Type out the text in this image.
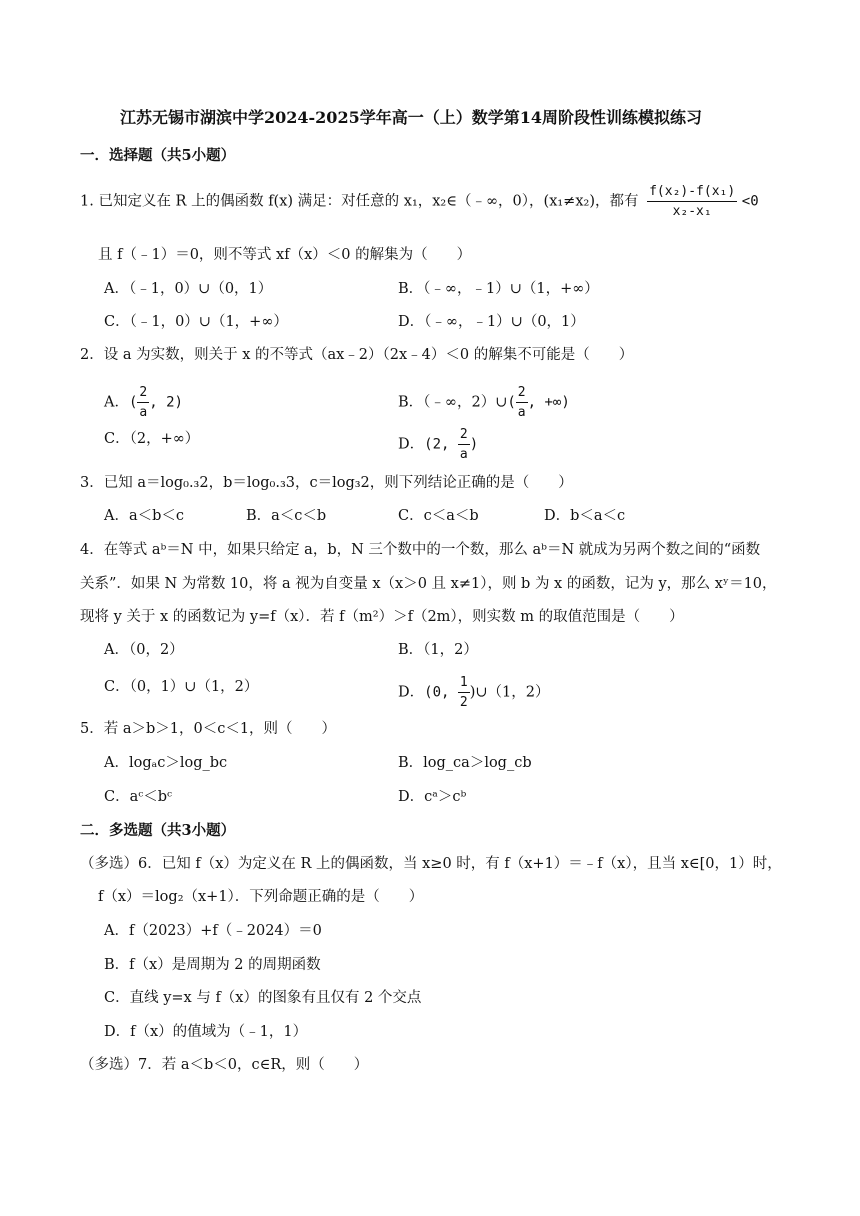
江苏无锡市湖滨中学2024-2025学年高一（上）数学第14周阶段性训练模拟练习
一．选择题（共5小题）
1. 已知定义在 R 上的偶函数 f(x) 满足：对任意的 x₁，x₂∈（﹣∞，0），(x₁≠x₂)，都有 $\frac{\text{f(x₂)-f(x₁)}}{\text{x₂-x₁}} <0$
且 f（﹣1）＝0，则不等式 xf（x）＜0 的解集为（　　）
A．（﹣1，0）∪（0，1）	B．（﹣∞，﹣1）∪（1，+∞）
C．（﹣1，0）∪（1，+∞）	D．（﹣∞，﹣1）∪（0，1）
2．设 a 为实数，则关于 x 的不等式（ax﹣2）（2x﹣4）＜0 的解集不可能是（　　）
A．( $\frac{2}{a}$ , 2)	B．（﹣∞，2）∪( $\frac{2}{a}$ , +∞)
C．（2，+∞）	D．(2, $\frac{2}{a}$ )
3．已知 a＝log₀.₃2，b＝log₀.₃3，c＝log₃2，则下列结论正确的是（　　）
A．a＜b＜c	B．a＜c＜b	C．c＜a＜b	D．b＜a＜c
4．在等式 aᵇ＝N 中，如果只给定 a，b，N 三个数中的一个数，那么 aᵇ＝N 就成为另两个数之间的“函数
关系”．如果 N 为常数 10，将 a 视为自变量 x（x＞0 且 x≠1），则 b 为 x 的函数，记为 y，那么 xʸ＝10，
现将 y 关于 x 的函数记为 y=f（x）．若 f（m²）＞f（2m），则实数 m 的取值范围是（　　）
A．（0，2）	B．（1，2）
C．（0，1）∪（1，2）	D．(0, $\frac{1}{2}$ )∪（1，2）
5．若 a＞b＞1，0＜c＜1，则（　　）
A．logₐc＞log_bc	B．log_ca＞log_cb
C．aᶜ＜bᶜ	D．cᵃ＞cᵇ
二．多选题（共3小题）
（多选）6．已知 f（x）为定义在 R 上的偶函数，当 x≥0 时，有 f（x+1）＝﹣f（x），且当 x∈[0，1）时，
f（x）＝log₂（x+1）．下列命题正确的是（　　）
A．f（2023）+f（﹣2024）＝0
B．f（x）是周期为 2 的周期函数
C．直线 y=x 与 f（x）的图象有且仅有 2 个交点
D．f（x）的值域为（﹣1，1）
（多选）7．若 a＜b＜0，c∈R，则（　　）
